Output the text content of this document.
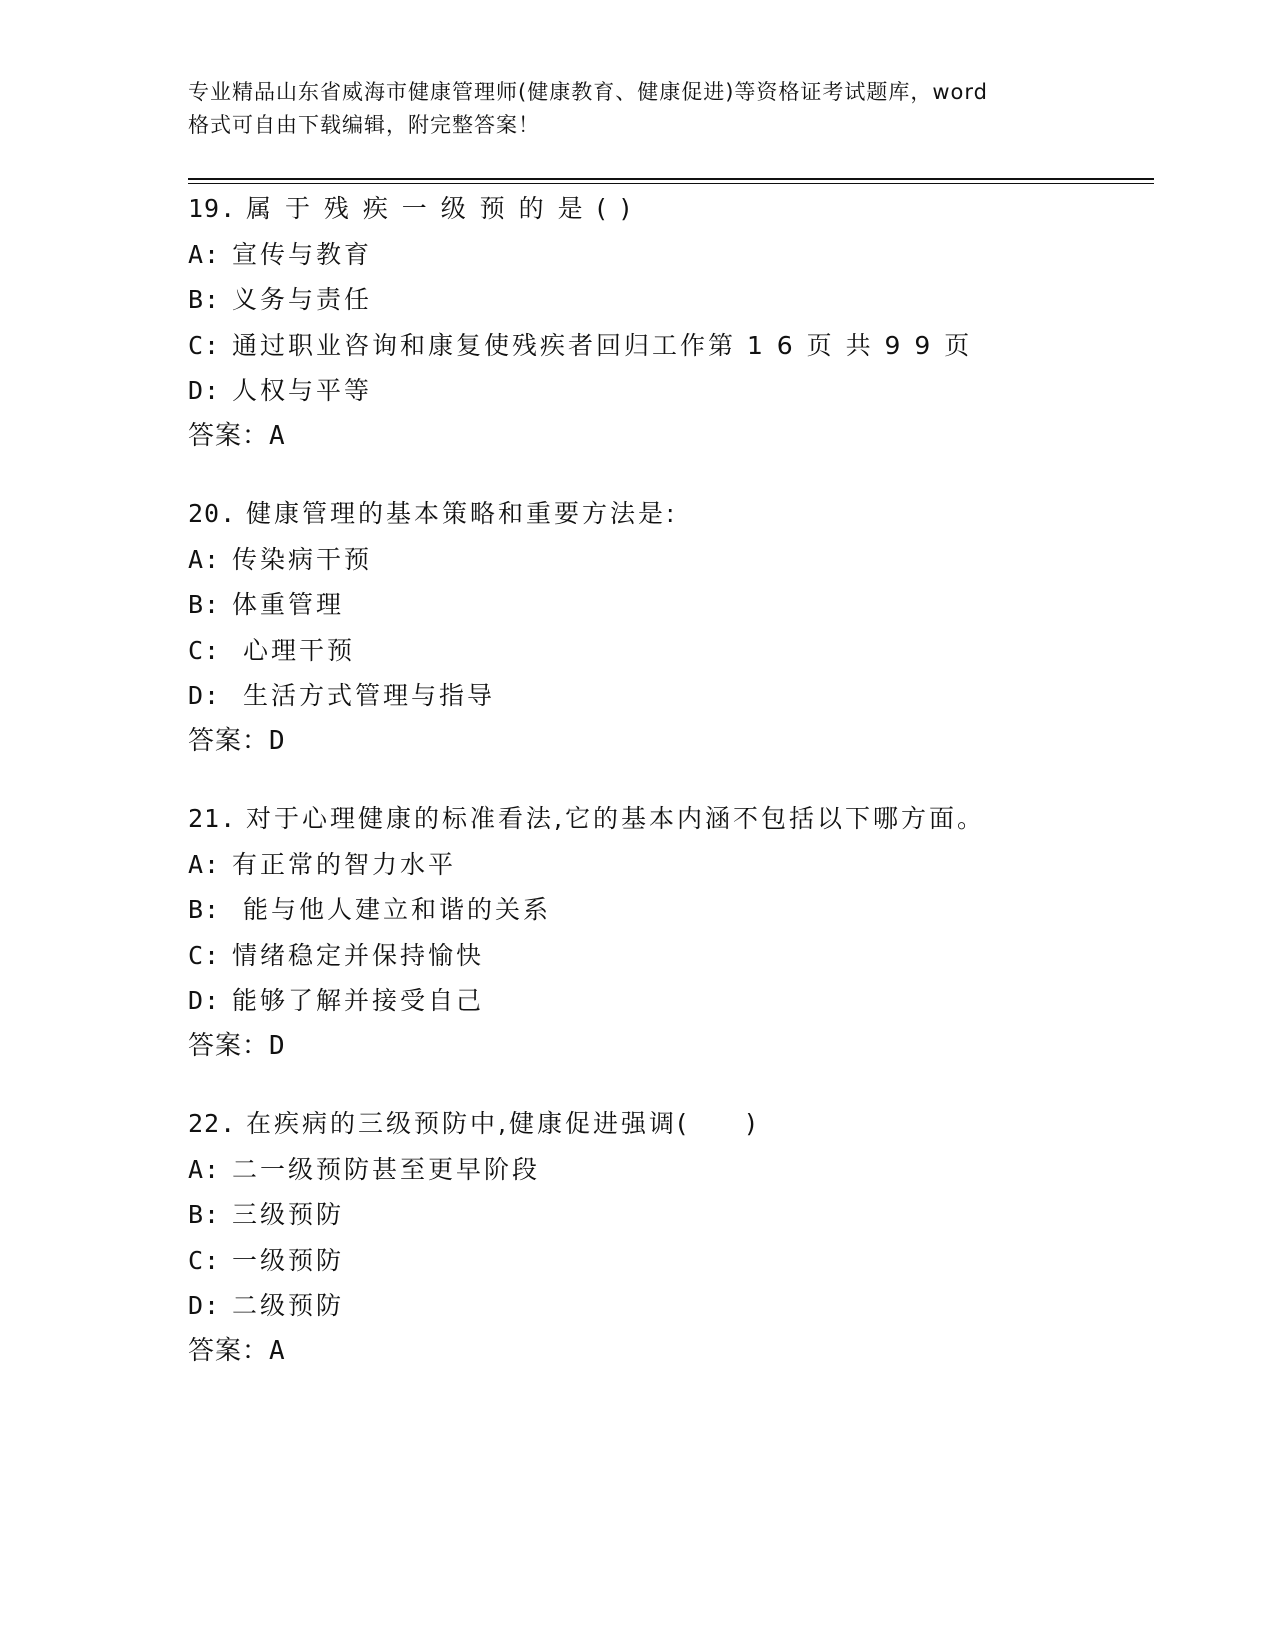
专业精品山东省威海市健康管理师(健康教育、健康促进)等资格证考试题库，word
格式可自由下载编辑，附完整答案！
19. 属 于 残 疾 一 级 预 的 是 ( )
A: 宣传与教育
B: 义务与责任
C: 通过职业咨询和康复使残疾者回归工作第 1 6 页 共 9 9 页
D: 人权与平等
答案：A
20. 健康管理的基本策略和重要方法是:
A: 传染病干预
B: 体重管理
C: 心理干预
D: 生活方式管理与指导
答案：D
21. 对于心理健康的标准看法,它的基本内涵不包括以下哪方面。
A: 有正常的智力水平
B: 能与他人建立和谐的关系
C: 情绪稳定并保持愉快
D: 能够了解并接受自己
答案：D
22. 在疾病的三级预防中,健康促进强调(　　)
A: 二一级预防甚至更早阶段
B: 三级预防
C: 一级预防
D: 二级预防
答案：A
